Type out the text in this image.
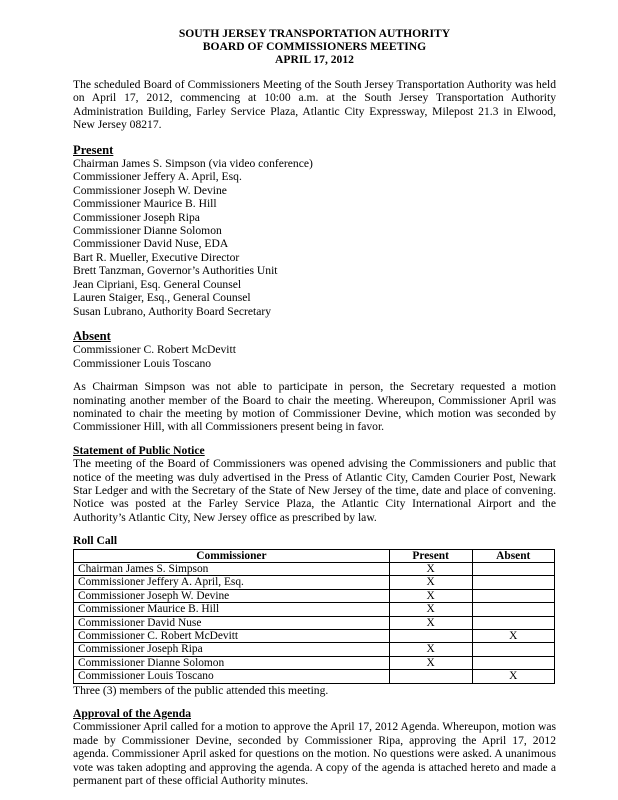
SOUTH JERSEY TRANSPORTATION AUTHORITY
BOARD OF COMMISSIONERS MEETING
APRIL 17, 2012

The scheduled Board of Commissioners Meeting of the South Jersey Transportation Authority was held on April 17, 2012, commencing at 10:00 a.m. at the South Jersey Transportation Authority Administration Building, Farley Service Plaza, Atlantic City Expressway, Milepost 21.3 in Elwood, New Jersey 08217.

Present
Chairman James S. Simpson (via video conference)
Commissioner Jeffery A. April, Esq.
Commissioner Joseph W. Devine
Commissioner Maurice B. Hill
Commissioner Joseph Ripa
Commissioner Dianne Solomon
Commissioner David Nuse, EDA
Bart R. Mueller, Executive Director
Brett Tanzman, Governor’s Authorities Unit
Jean Cipriani, Esq. General Counsel
Lauren Staiger, Esq., General Counsel
Susan Lubrano, Authority Board Secretary
Absent
Commissioner C. Robert McDevitt
Commissioner Louis Toscano

As Chairman Simpson was not able to participate in person, the Secretary requested a motion nominating another member of the Board to chair the meeting. Whereupon, Commissioner April was nominated to chair the meeting by motion of Commissioner Devine, which motion was seconded by Commissioner Hill, with all Commissioners present being in favor.

Statement of Public Notice

The meeting of the Board of Commissioners was opened advising the Commissioners and public that notice of the meeting was duly advertised in the Press of Atlantic City, Camden Courier Post, Newark Star Ledger and with the Secretary of the State of New Jersey of the time, date and place of convening. Notice was posted at the Farley Service Plaza, the Atlantic City International Airport and the Authority’s Atlantic City, New Jersey office as prescribed by law.

Roll Call
Commissioner	Present	Absent
Chairman James S. Simpson	X	
Commissioner Jeffery A. April, Esq.	X	
Commissioner Joseph W. Devine	X	
Commissioner Maurice B. Hill	X	
Commissioner David Nuse	X	
Commissioner C. Robert McDevitt		X
Commissioner Joseph Ripa	X	
Commissioner Dianne Solomon	X	
Commissioner Louis Toscano		X
Three (3) members of the public attended this meeting.
Approval of the Agenda

Commissioner April called for a motion to approve the April 17, 2012 Agenda. Whereupon, motion was made by Commissioner Devine, seconded by Commissioner Ripa, approving the April 17, 2012 agenda. Commissioner April asked for questions on the motion. No questions were asked. A unanimous vote was taken adopting and approving the agenda. A copy of the agenda is attached hereto and made a permanent part of these official Authority minutes.
